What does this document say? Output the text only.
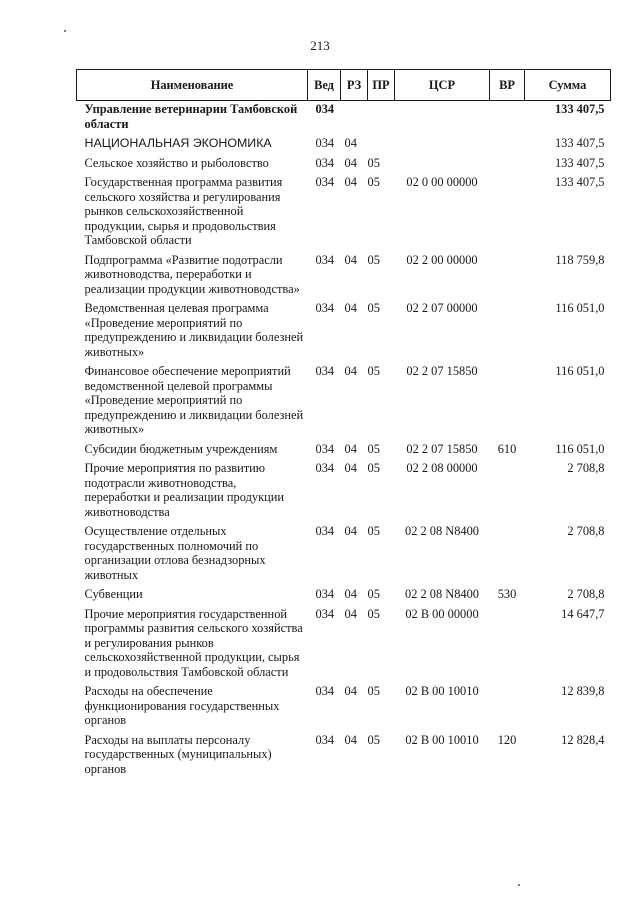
213
Наименование	Вед	РЗ	ПР	ЦСР	ВР	Сумма
Управление ветеринарии Тамбовской области	034					133 407,5
НАЦИОНАЛЬНАЯ ЭКОНОМИКА	034	04				133 407,5
Сельское хозяйство и рыболовство	034	04	05			133 407,5
Государственная программа развития сельского хозяйства и регулирования рынков сельскохозяйственной продукции, сырья и продовольствия Тамбовской области	034	04	05	02 0 00 00000		133 407,5
Подпрограмма «Развитие подотрасли животноводства, переработки и реализации продукции животноводства»	034	04	05	02 2 00 00000		118 759,8
Ведомственная целевая программа «Проведение мероприятий по предупреждению и ликвидации болезней животных»	034	04	05	02 2 07 00000		116 051,0
Финансовое обеспечение мероприятий ведомственной целевой программы «Проведение мероприятий по предупреждению и ликвидации болезней животных»	034	04	05	02 2 07 15850		116 051,0
Субсидии бюджетным учреждениям	034	04	05	02 2 07 15850	610	116 051,0
Прочие мероприятия по развитию подотрасли животноводства, переработки и реализации продукции животноводства	034	04	05	02 2 08 00000		2 708,8
Осуществление отдельных государственных полномочий по организации отлова безнадзорных животных	034	04	05	02 2 08 N8400		2 708,8
Субвенции	034	04	05	02 2 08 N8400	530	2 708,8
Прочие мероприятия государственной программы развития сельского хозяйства и регулирования рынков сельскохозяйственной продукции, сырья и продовольствия Тамбовской области	034	04	05	02 В 00 00000		14 647,7
Расходы на обеспечение функционирования государственных органов	034	04	05	02 В 00 10010		12 839,8
Расходы на выплаты персоналу государственных (муниципальных) органов	034	04	05	02 В 00 10010	120	12 828,4
